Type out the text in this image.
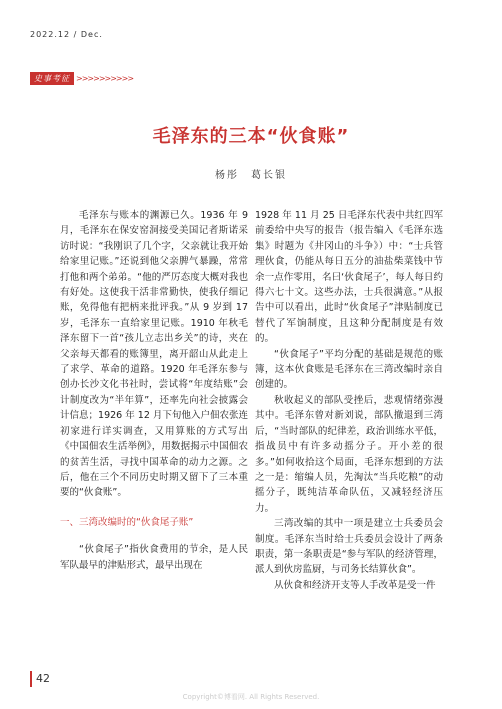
2022.12 / Dec.
史事考征 >>>>>>>>>>
毛泽东的三本“伙食账”
杨彤　葛长银

毛泽东与账本的渊源已久。1936 年 9 月，毛泽东在保安窑洞接受美国记者斯诺采访时说：“我刚识了几个字，父亲就让我开始给家里记账。”还说到他父亲脾气暴躁，常常打他和两个弟弟。“他的严厉态度大概对我也有好处。这使我干活非常勤快，使我仔细记账，免得他有把柄来批评我。”从 9 岁到 17 岁，毛泽东一直给家里记账。1910 年秋毛泽东留下一首“孩儿立志出乡关”的诗，夹在父亲每天都看的账簿里，离开韶山从此走上了求学、革命的道路。1920 年毛泽东参与创办长沙文化书社时，尝试将“年度结账”会计制度改为“半年算”，还率先向社会披露会计信息；1926 年 12 月下旬他入户佃农张连初家进行详实调查，又用算账的方式写出《中国佃农生活举例》，用数据揭示中国佃农的贫苦生活，寻找中国革命的动力之源。之后，他在三个不同历史时期又留下了三本重要的“伙食账”。

一、三湾改编时的“伙食尾子账”

“伙食尾子”指伙食费用的节余，是人民军队最早的津贴形式，最早出现在

1928 年 11 月 25 日毛泽东代表中共红四军前委给中央写的报告（报告编入《毛泽东选集》时题为《井冈山的斗争》）中：“士兵管理伙食，仍能从每日五分的油盐柴菜钱中节余一点作零用，名曰‘伙食尾子’，每人每日约得六七十文。这些办法，士兵很满意。”从报告中可以看出，此时“伙食尾子”津贴制度已替代了军饷制度，且这种分配制度是有效的。

“伙食尾子”平均分配的基础是规范的账簿，这本伙食账是毛泽东在三湾改编时亲自创建的。

秋收起义的部队受挫后，悲观情绪弥漫其中。毛泽东曾对新刘说，部队撤退到三湾后，“当时部队的纪律差，政治训练水平低，指战员中有许多动摇分子。开小差的很多。”如何收拾这个局面，毛泽东想到的方法之一是：缩编人员，先淘汰“当兵吃粮”的动摇分子，既纯洁革命队伍，又减轻经济压力。

三湾改编的其中一项是建立士兵委员会制度。毛泽东当时给士兵委员会设计了两条职责，第一条职责是“参与军队的经济管理，派人到伙房监厨，与司务长结算伙食”。

从伙食和经济开支等人手改革是受一件

42
Copyright©博看网. All Rights Reserved.
